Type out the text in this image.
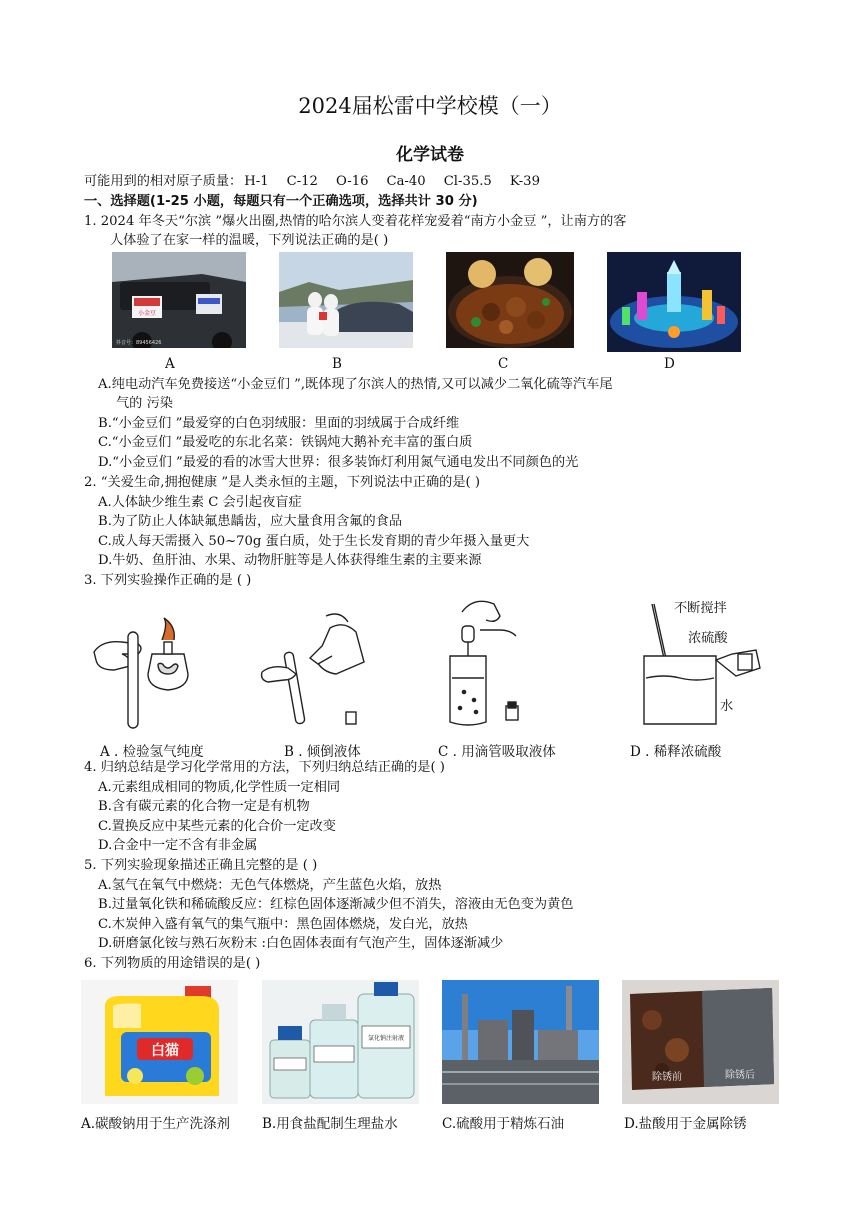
2024届松雷中学校模（一）
化学试卷
可能用到的相对原子质量： H-1 C-12 O-16 Ca-40 Cl-35.5 K-39
一、选择题(1-25 小题，每题只有一个正确选项，选择共计 30 分)
1. 2024 年冬天“尔滨 ”爆火出圈,热情的哈尔滨人变着花样宠爱着“南方小金豆 ”，让南方的客
人体验了在家一样的温暖，下列说法正确的是( )
小金豆
抖音号：89456426
A	B	C	D
A.纯电动汽车免费接送“小金豆们 ”,既体现了尔滨人的热情,又可以减少二氧化硫等汽车尾
气的 污染
B.“小金豆们 ”最爱穿的白色羽绒服：里面的羽绒属于合成纤维
C.“小金豆们 ”最爱吃的东北名菜：铁锅炖大鹅补充丰富的蛋白质
D.“小金豆们 ”最爱的看的冰雪大世界：很多装饰灯利用氮气通电发出不同颜色的光
2. “关爱生命,拥抱健康 ”是人类永恒的主题，下列说法中正确的是( )
A.人体缺少维生素 C 会引起夜盲症
B.为了防止人体缺氟患龋齿，应大量食用含氟的食品
C.成人每天需摄入 50~70g 蛋白质，处于生长发育期的青少年摄入量更大
D.牛奶、鱼肝油、水果、动物肝脏等是人体获得维生素的主要来源
3. 下列实验操作正确的是 ( )
不断搅拌
浓硫酸
水
A . 检验氢气纯度	B . 倾倒液体	C . 用滴管吸取液体	D . 稀释浓硫酸
4. 归纳总结是学习化学常用的方法，下列归纳总结正确的是( )
A.元素组成相同的物质,化学性质一定相同
B.含有碳元素的化合物一定是有机物
C.置换反应中某些元素的化合价一定改变
D.合金中一定不含有非金属
5. 下列实验现象描述正确且完整的是 ( )
A.氢气在氧气中燃烧：无色气体燃烧，产生蓝色火焰，放热
B.过量氧化铁和稀硫酸反应：红棕色固体逐渐减少但不消失，溶液由无色变为黄色
C.木炭伸入盛有氧气的集气瓶中：黑色固体燃烧，发白光，放热
D.研磨氯化铵与熟石灰粉末 :白色固体表面有气泡产生，固体逐渐减少
6. 下列物质的用途错误的是( )
白猫
氯化钠注射液
除锈前	除锈后
A.碳酸钠用于生产洗涤剂 B.用食盐配制生理盐水	C.硫酸用于精炼石油	D.盐酸用于金属除锈
